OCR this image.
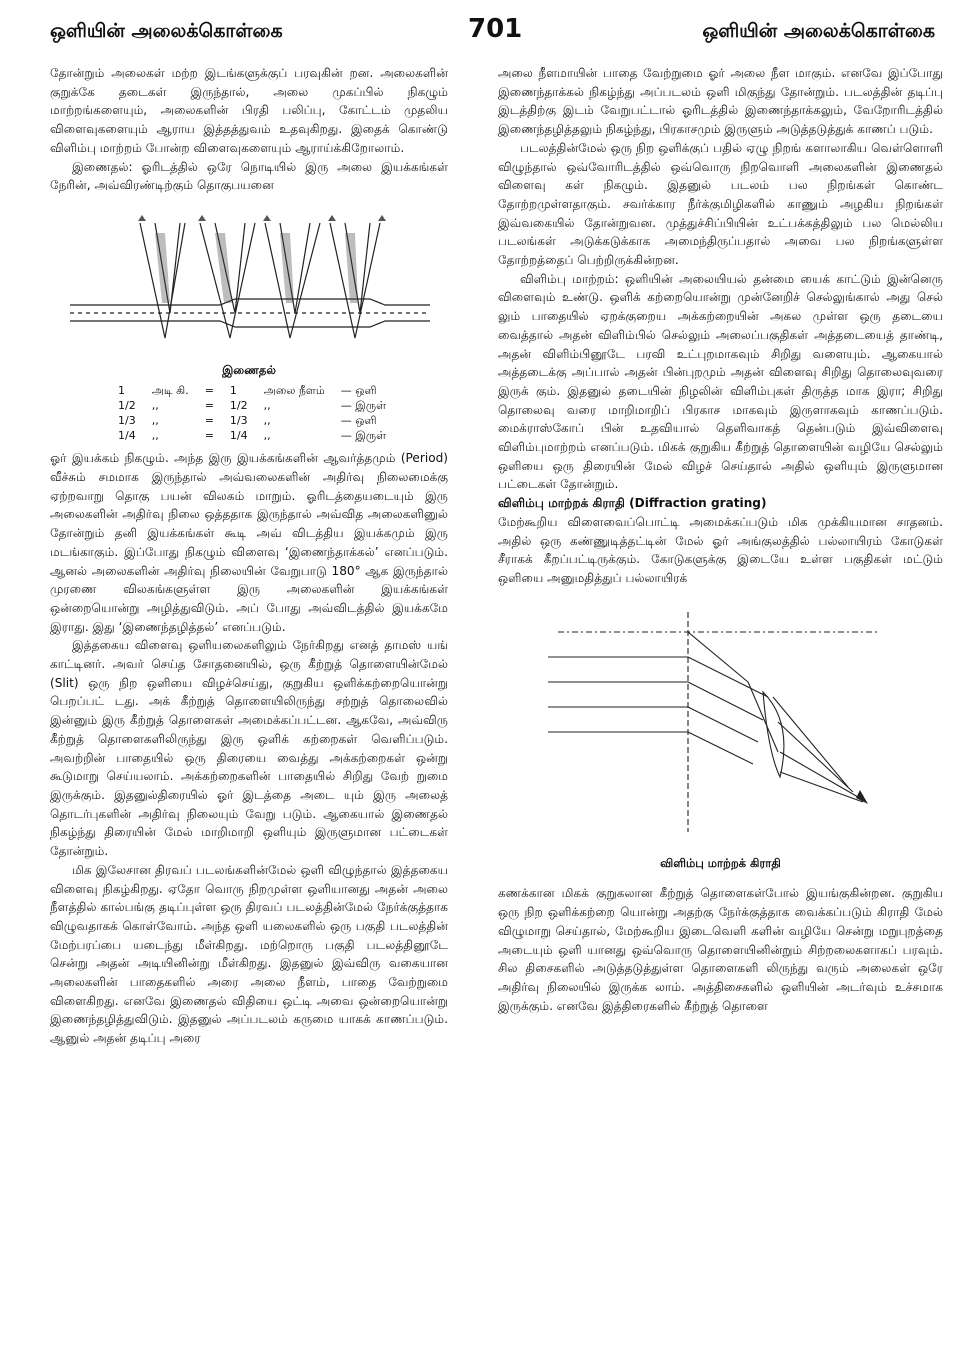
ஒளியின் அலைக்கொள்கை	701	ஒளியின் அலைக்கொள்கை

தோன்றும் அலைகள் மற்ற இடங்களுக்குப் பரவுகின் றன. அலைகளின் குறுக்கே தடைகள் இருந்தால், அலை முகப்பில் நிகழும் மாற்றங்களையும், அலைகளின் பிரதி பலிப்பு, கோட்டம் முதலிய விளைவுகளையும் ஆராய இத்தத்துவம் உதவுகிறது. இதைக் கொண்டு விளிம்பு மாற்றம் போன்ற விளைவுகளையும் ஆராய்க்கிறோலாம்.

இணைதல்: ஓரிடத்தில் ஒரே நொடியில் இரு அலை இயக்கங்கள் நேரின், அவ்விரண்டிற்கும் தொகுபயனை

இணைதல்
1	அடி கி.	=	1	அலை நீளம்	— ஒளி
1/2	,,	=	1/2	,,	— இருள்
1/3	,,	=	1/3	,,	— ஒளி
1/4	,,	=	1/4	,,	— இருள்

ஓர் இயக்கம் நிகழும். அந்த இரு இயக்கங்களின் ஆவர்த்தமும் (Period) வீச்சும் சமமாக இருந்தால் அவ்வலைகளின் அதிர்வு நிலைமைக்கு ஏற்றவாறு தொகு பயன் விலகம் மாறும். ஓரிடத்தையடையும் இரு அலைகளின் அதிர்வு நிலை ஒத்ததாக இருந்தால் அவ்வித அலைகளினுல் தோன்றும் தனி இயக்கங்கள் கூடி அவ் விடத்திய இயக்கமும் இரு மடங்காகும். இப்போது நிகழும் விளைவு ‘இணைந்தாக்கல்’ எனப்படும். ஆனல் அலைகளின் அதிர்வு நிலையின் வேறுபாடு 180° ஆக இருந்தால் முரணை விலகங்களுள்ள இரு அலைகளின் இயக்கங்கள் ஒன்றையொன்று அழித்துவிடும். அப் போது அவ்விடத்தில் இயக்கமே இராது. இது ‘இணைந்தழித்தல்’ எனப்படும்.

இத்தகைய விளைவு ஒளியலைகளிலும் நேர்கிறது எனத் தாமஸ் யங் காட்டினர். அவர் செய்த சோதனையில், ஒரு கீற்றுத் தொளையின்மேல் (Slit) ஒரு நிற ஒளியை விழச்செய்து, குறுகிய ஒளிக்கற்றையொன்று பெறப்பட் டது. அக் கீற்றுத் தொளையிலிருந்து சற்றுத் தொலைவில் இன்னும் இரு கீற்றுத் தொளைகள் அமைக்கப்பட்டன. ஆகவே, அவ்விரு கீற்றுத் தொளைகளிலிருந்து இரு ஒளிக் கற்றைகள் வெளிப்படும். அவற்றின் பாதையில் ஒரு திரையை வைத்து அக்கற்றைகள் ஒன்று கூடுமாறு செய்யலாம். அக்கற்றைகளின் பாதையில் சிறிது வேற் றுமை இருக்கும். இதனுல்திரையில் ஓர் இடத்தை அடை யும் இரு அலைத் தொடர்புகளின் அதிர்வு நிலையும் வேறு படும். ஆகையால் இணைதல் நிகழ்ந்து திரையின் மேல் மாறிமாறி ஒளியும் இருளுமான பட்டைகள் தோன்றும்.

மிக இலேசான திரவப் படலங்களின்மேல் ஒளி விழுந்தால் இத்தகைய விளைவு நிகழ்கிறது. ஏதோ வொரு நிறமுள்ள ஒளியானது அதன் அலை நீளத்தில் கால்பங்கு தடிப்புள்ள ஒரு திரவப் படலத்தின்மேல் நேர்க்குத்தாக விழுவதாகக் கொள்வோம். அந்த ஒளி யலைகளில் ஒரு பகுதி படலத்தின் மேற்பரப்பை யடைந்து மீள்கிறது. மற்றொரு பகுதி படலத்தினூடே சென்று அதன் அடியினின்று மீள்கிறது. இதனுல் இவ்விரு வகையான அலைகளின் பாதைகளில் அரை அலை நீளம், பாதை வேற்றுமை விளைகிறது. எனவே இணைதல் விதியை ஒட்டி அவை ஒன்றையொன்று இணைந்தழித்துவிடும். இதனுல் அப்படலம் கருமை யாகக் காணப்படும். ஆனுல் அதன் தடிப்பு அரை

அலை நீளமாயின் பாதை வேற்றுமை ஓர் அலை நீள மாகும். எனவே இப்போது இணைந்தாக்கல் நிகழ்ந்து அப்படலம் ஒளி மிகுந்து தோன்றும். படலத்தின் தடிப்பு இடத்திற்கு இடம் வேறுபட்டால் ஓரிடத்தில் இணைந்தாக்கலும், வேறோரிடத்தில் இணைந்தழித்தலும் நிகழ்ந்து, பிரகாசமும் இருளும் அடுத்தடுத்துக் காணப் படும்.

படலத்தின்மேல் ஒரு நிற ஒளிக்குப் பதில் ஏழு நிறங் களாலாகிய வெள்ளொளி விழுந்தால் ஒவ்வோரிடத்தில் ஒவ்வொரு நிறவொளி அலைகளின் இணைதல் விளைவு கள் நிகழும். இதனுல் படலம் பல நிறங்கள் கொண்ட தோற்றமுள்ளதாகும். சவர்க்கார நீர்க்குமிழிகளில் காணும் அழகிய நிறங்கள் இவ்வகையில் தோன்றுவன. முத்துச்சிப்பியின் உட்பக்கத்திலும் பல மெல்லிய படலங்கள் அடுக்கடுக்காக அமைந்திருப்பதால் அவை பல நிறங்களுள்ள தோற்றத்தைப் பெற்றிருக்கின்றன.

விளிம்பு மாற்றம்: ஒளியின் அலையியல் தன்மை யைக் காட்டும் இன்னெரு விளைவும் உண்டு. ஒளிக் கற்றையொன்று முன்னேறிச் செல்லுங்கால் அது செல் லும் பாதையில் ஏறக்குறைய அக்கற்றையின் அகல முள்ள ஒரு தடையை வைத்தால் அதன் விளிம்பில் செல்லும் அலைப்பகுதிகள் அத்தடையைத் தாண்டி, அதன் விளிம்பினூடே பரவி உட்புறமாகவும் சிறிது வளையும். ஆகையால் அத்தடைக்கு அப்பால் அதன் பின்புறமும் அதன் விளைவு சிறிது தொலைவுவரை இருக் கும். இதனுல் தடையின் நிழலின் விளிம்புகள் திருத்த மாக இரா; சிறிது தொலைவு வரை மாறிமாறிப் பிரகாச மாகவும் இருளாகவும் காணப்படும். மைக்ராஸ்கோப் பின் உதவியால் தெளிவாகத் தென்படும் இவ்விளைவு விளிம்புமாற்றம் எனப்படும். மிகக் குறுகிய கீற்றுத் தொளையின் வழியே செல்லும் ஒளியை ஒரு திரையின் மேல் விழச் செய்தால் அதில் ஒளியும் இருளுமான பட்டைகள் தோன்றும்.

விளிம்பு மாற்றக் கிராதி (Diffraction grating)

மேற்கூறிய விளைவைப்பொட்டி அமைக்கப்படும் மிக முக்கியமான சாதனம். அதில் ஒரு கண்ணுடித்தட்டின் மேல் ஓர் அங்குலத்தில் பல்லாயிரம் கோடுகள் சீராகக் கீறப்பட்டிருக்கும். கோடுகளுக்கு இடையே உள்ள பகுதிகள் மட்டும் ஒளியை அனுமதித்துப் பல்லாயிரக்

விளிம்பு மாற்றக் கிராதி

கணக்கான மிகக் குறுகலான கீற்றுத் தொளைகள்போல் இயங்குகின்றன. குறுகிய ஒரு நிற ஒளிக்கற்றை யொன்று அதற்கு நேர்க்குத்தாக வைக்கப்படும் கிராதி மேல் விழுமாறு செய்தால், மேற்கூறிய இடைவெளி களின் வழியே சென்று மறுபுறத்தை அடையும் ஒளி யானது ஒவ்வொரு தொளையினின்றும் சிற்றலைகளாகப் பரவும். சில திசைகளில் அடுத்தடுத்துள்ள தொளைகளி லிருந்து வரும் அலைகள் ஒரே அதிர்வு நிலையில் இருக்க லாம். அத்திசைகளில் ஒளியின் அடர்வும் உச்சமாக இருக்கும். எனவே இத்திரைகளில் கீற்றுத் தொளை
